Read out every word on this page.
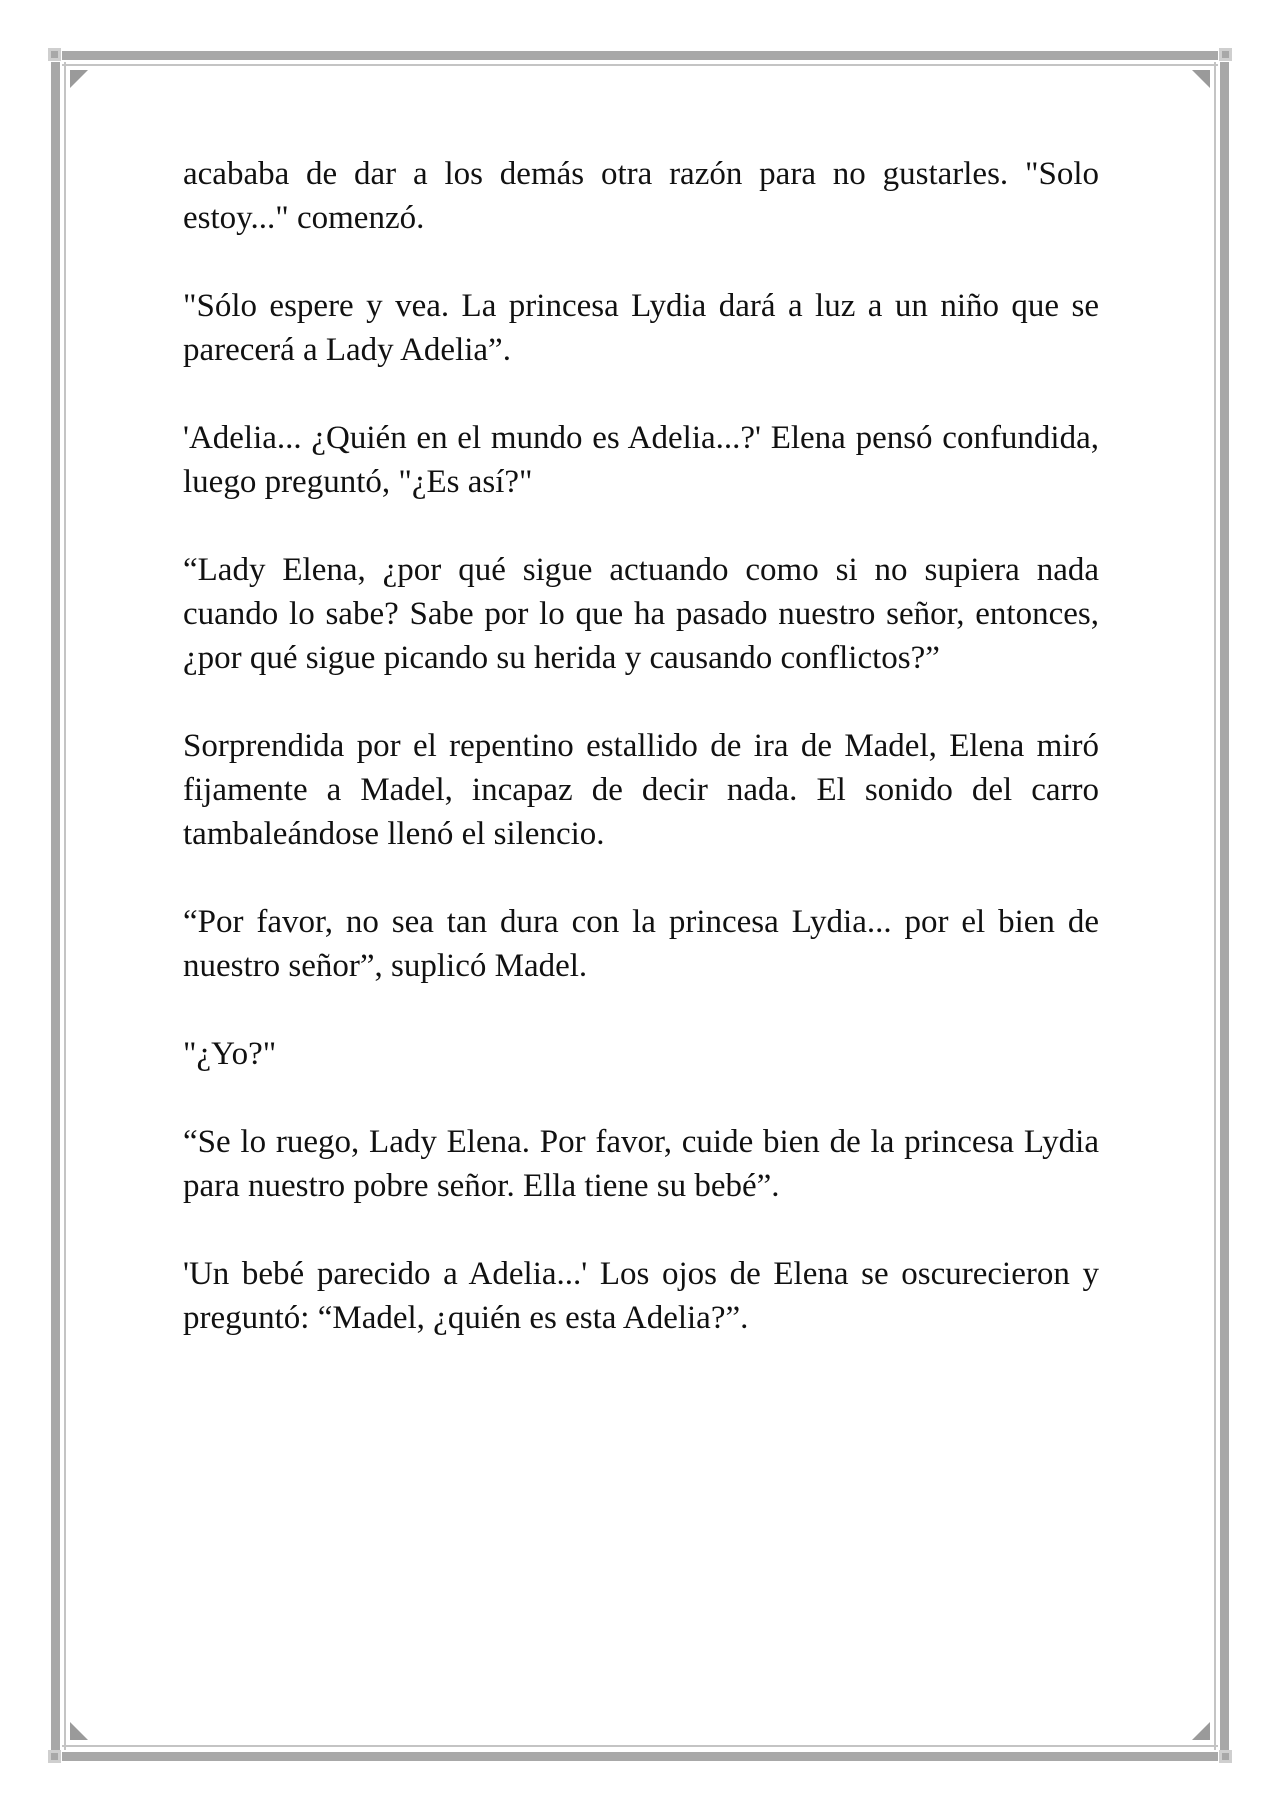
acababa de dar a los demás otra razón para no gustarles. "Solo estoy..." comenzó.

"Sólo espere y vea. La princesa Lydia dará a luz a un niño que se parecerá a Lady Adelia”.

'Adelia... ¿Quién en el mundo es Adelia...?' Elena pensó confundida, luego preguntó, "¿Es así?"

“Lady Elena, ¿por qué sigue actuando como si no supiera nada cuando lo sabe? Sabe por lo que ha pasado nuestro señor, entonces, ¿por qué sigue picando su herida y causando conflictos?”

Sorprendida por el repentino estallido de ira de Madel, Elena miró fijamente a Madel, incapaz de decir nada. El sonido del carro tambaleándose llenó el silencio.

“Por favor, no sea tan dura con la princesa Lydia... por el bien de nuestro señor”, suplicó Madel.

"¿Yo?"

“Se lo ruego, Lady Elena. Por favor, cuide bien de la princesa Lydia para nuestro pobre señor. Ella tiene su bebé”.

'Un bebé parecido a Adelia...' Los ojos de Elena se oscurecieron y preguntó: “Madel, ¿quién es esta Adelia?”.
